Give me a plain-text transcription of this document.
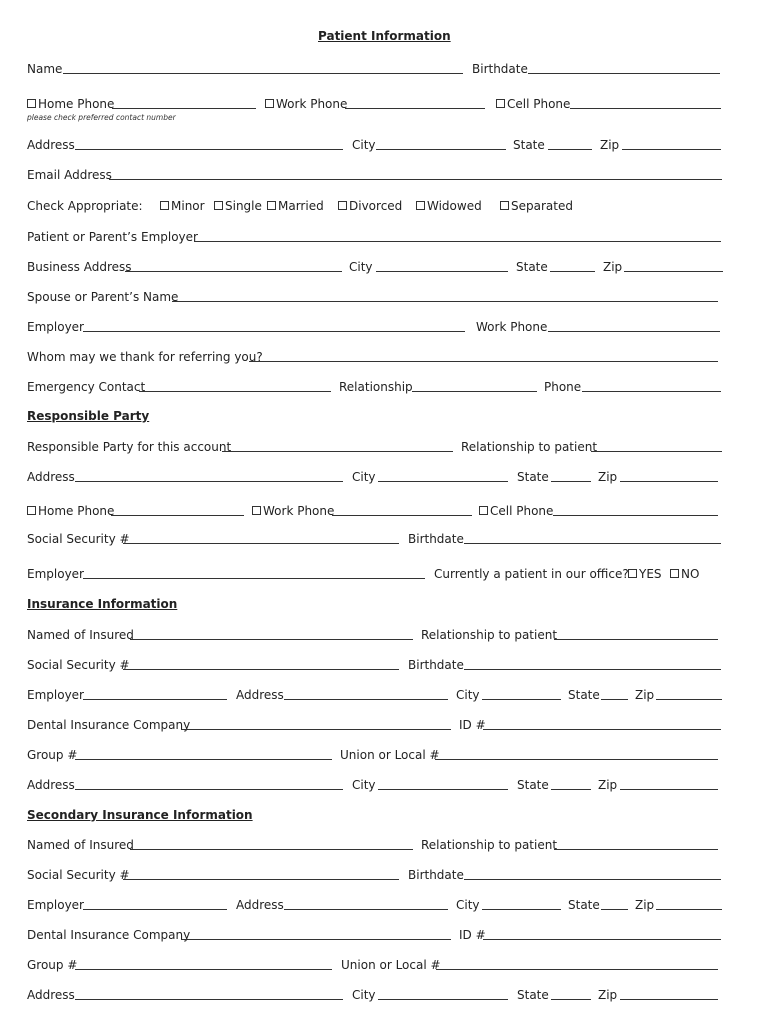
Patient Information
Name	Birthdate
Home Phone	Work Phone	Cell Phone
please check preferred contact number
Address	City	State	Zip
Email Address
Check Appropriate:	Minor	Single	Married	Divorced	Widowed	Separated
Patient or Parent’s Employer
Business Address	City	State	Zip
Spouse or Parent’s Name
Employer	Work Phone
Whom may we thank for referring you?
Emergency Contact	Relationship	Phone
Responsible Party
Responsible Party for this account	Relationship to patient
Address	City	State	Zip
Home Phone	Work Phone	Cell Phone
Social Security #	Birthdate
Employer	Currently a patient in our office? YES	NO
Insurance Information
Named of Insured	Relationship to patient
Social Security #	Birthdate
Employer	Address	City	State	Zip
Dental Insurance Company	ID #
Group #	Union or Local #
Address	City	State	Zip
Secondary Insurance Information
Named of Insured	Relationship to patient
Social Security #	Birthdate
Employer	Address	City	State	Zip
Dental Insurance Company	ID #
Group #	Union or Local #
Address	City	State	Zip
